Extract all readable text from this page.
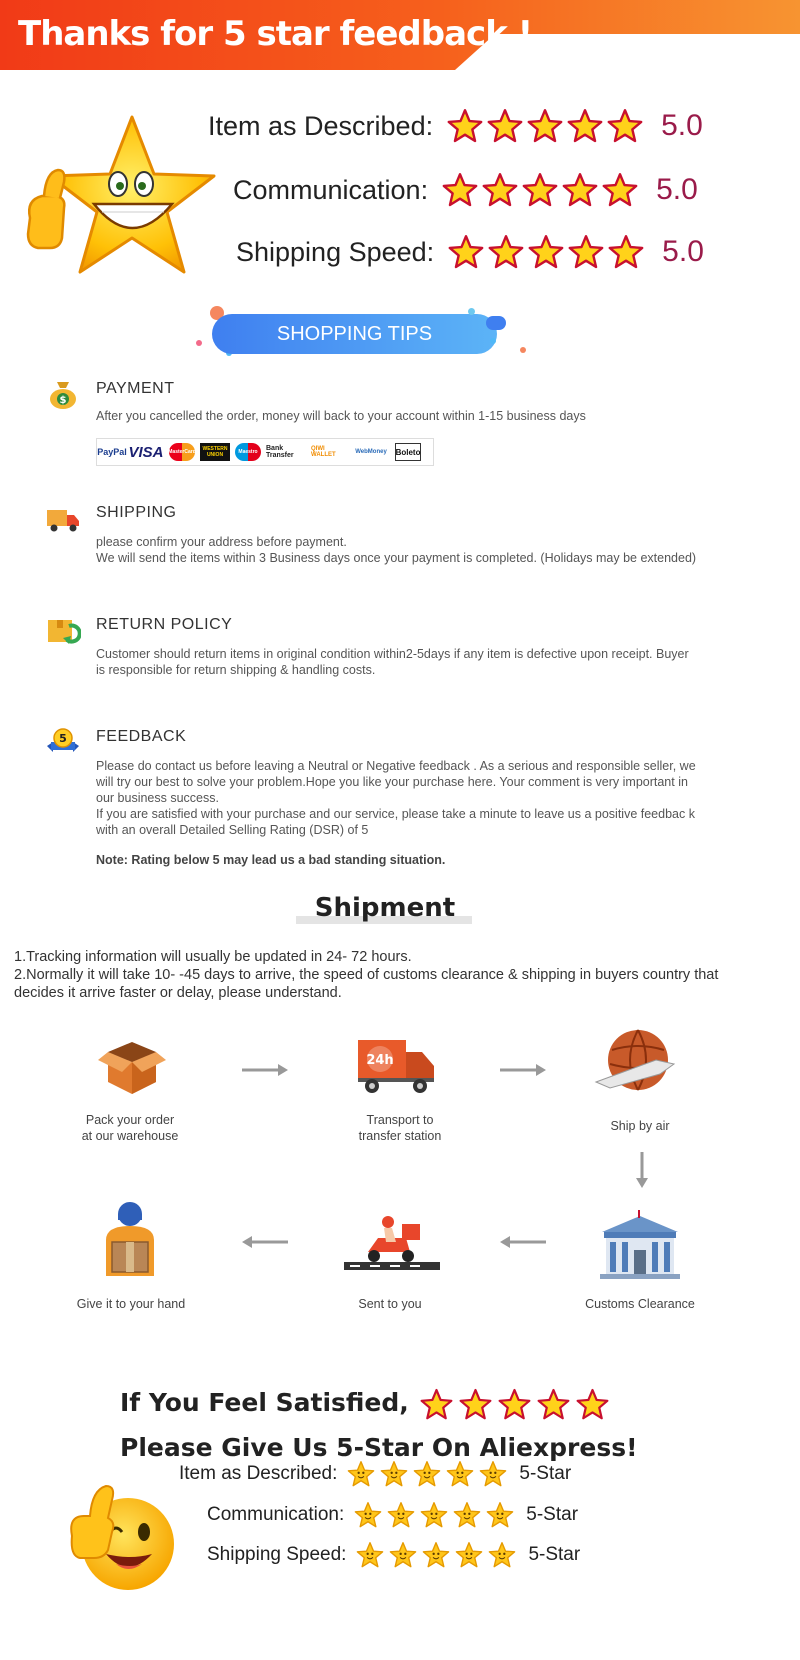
Thanks for 5 star feedback !
Item as Described:	5.0
Communication:	5.0
Shipping Speed:	5.0
SHOPPING TIPS
$
PAYMENT

After you cancelled the order, money will back to your account within 1-15 business days

PayPal VISA MasterCard	WESTERN UNION	Maestro	Bank Transfer
QIWI WALLET	WebMoney	Boleto
SHIPPING

please confirm your address before payment.

We will send the items within 3 Business days once your payment is completed. (Holidays may be extended)

RETURN POLICY

Customer should return items in original condition within2-5days if any item is defective upon receipt. Buyer

is responsible for return shipping & handling costs.

5 FEEDBACK

Please do contact us before leaving a Neutral or Negative feedback . As a serious and responsible seller, we

will try our best to solve your problem.Hope you like your purchase here. Your comment is very important in

our business success.

If you are satisfied with your purchase and our service, please take a minute to leave us a positive feedbac k

with an overall Detailed Selling Rating (DSR) of 5

Note: Rating below 5 may lead us a bad standing situation.

Shipment

1.Tracking information will usually be updated in 24- 72 hours.

2.Normally it will take 10- -45 days to arrive, the speed of customs clearance & shipping in buyers country that

decides it arrive faster or delay, please understand.

Pack your order
at our warehouse
24h
Transport to
transfer station
Ship by air
Customs Clearance
Sent to you
Give it to your hand
If You Feel Satisfied,
Please Give Us 5-Star On Aliexpress!
Item as Described:	5-Star
Communication:	5-Star
Shipping Speed:	5-Star
